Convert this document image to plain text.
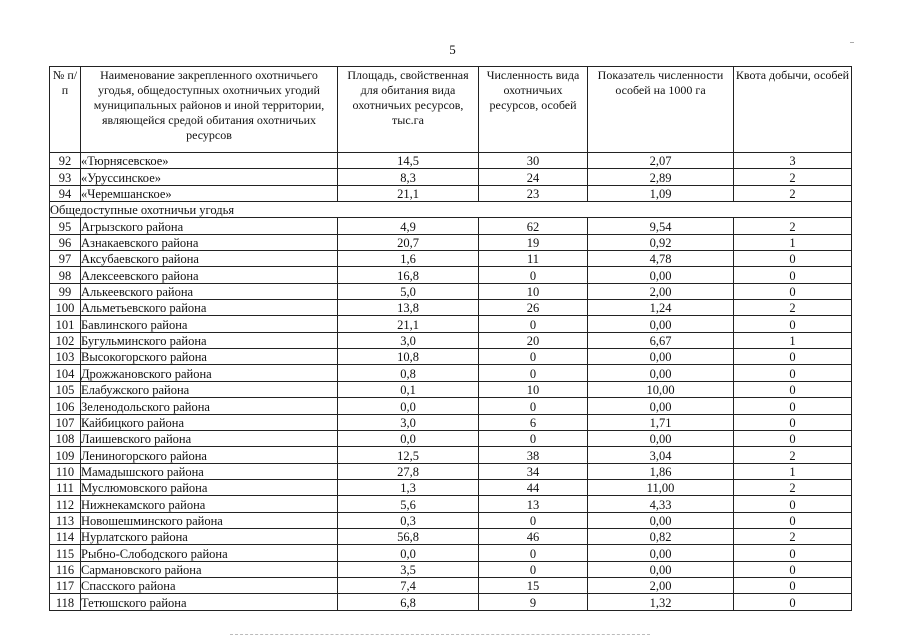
5
№ п/п	Наименование закрепленного охотничьего угодья, общедоступных охотничьих угодий муниципальных районов и иной территории, являющейся средой обитания охотничьих ресурсов	Площадь, свойственная для обитания вида охотничьих ресурсов, тыс.га	Численность вида охотничьих ресурсов, особей	Показатель численности особей на 1000 га	Квота добычи, особей
92	«Тюрнясевское»	14,5	30	2,07	3
93	«Уруссинское»	8,3	24	2,89	2
94	«Черемшанское»	21,1	23	1,09	2
Общедоступные охотничьи угодья					
95	Агрызского района	4,9	62	9,54	2
96	Азнакаевского района	20,7	19	0,92	1
97	Аксубаевского района	1,6	11	4,78	0
98	Алексеевского района	16,8	0	0,00	0
99	Алькеевского района	5,0	10	2,00	0
100	Альметьевского района	13,8	26	1,24	2
101	Бавлинского района	21,1	0	0,00	0
102	Бугульминского района	3,0	20	6,67	1
103	Высокогорского района	10,8	0	0,00	0
104	Дрожжановского района	0,8	0	0,00	0
105	Елабужского района	0,1	10	10,00	0
106	Зеленодольского района	0,0	0	0,00	0
107	Кайбицкого района	3,0	6	1,71	0
108	Лаишевского района	0,0	0	0,00	0
109	Лениногорского района	12,5	38	3,04	2
110	Мамадышского района	27,8	34	1,86	1
111	Муслюмовского района	1,3	44	11,00	2
112	Нижнекамского района	5,6	13	4,33	0
113	Новошешминского района	0,3	0	0,00	0
114	Нурлатского района	56,8	46	0,82	2
115	Рыбно-Слободского района	0,0	0	0,00	0
116	Сармановского района	3,5	0	0,00	0
117	Спасского района	7,4	15	2,00	0
118	Тетюшского района	6,8	9	1,32	0
